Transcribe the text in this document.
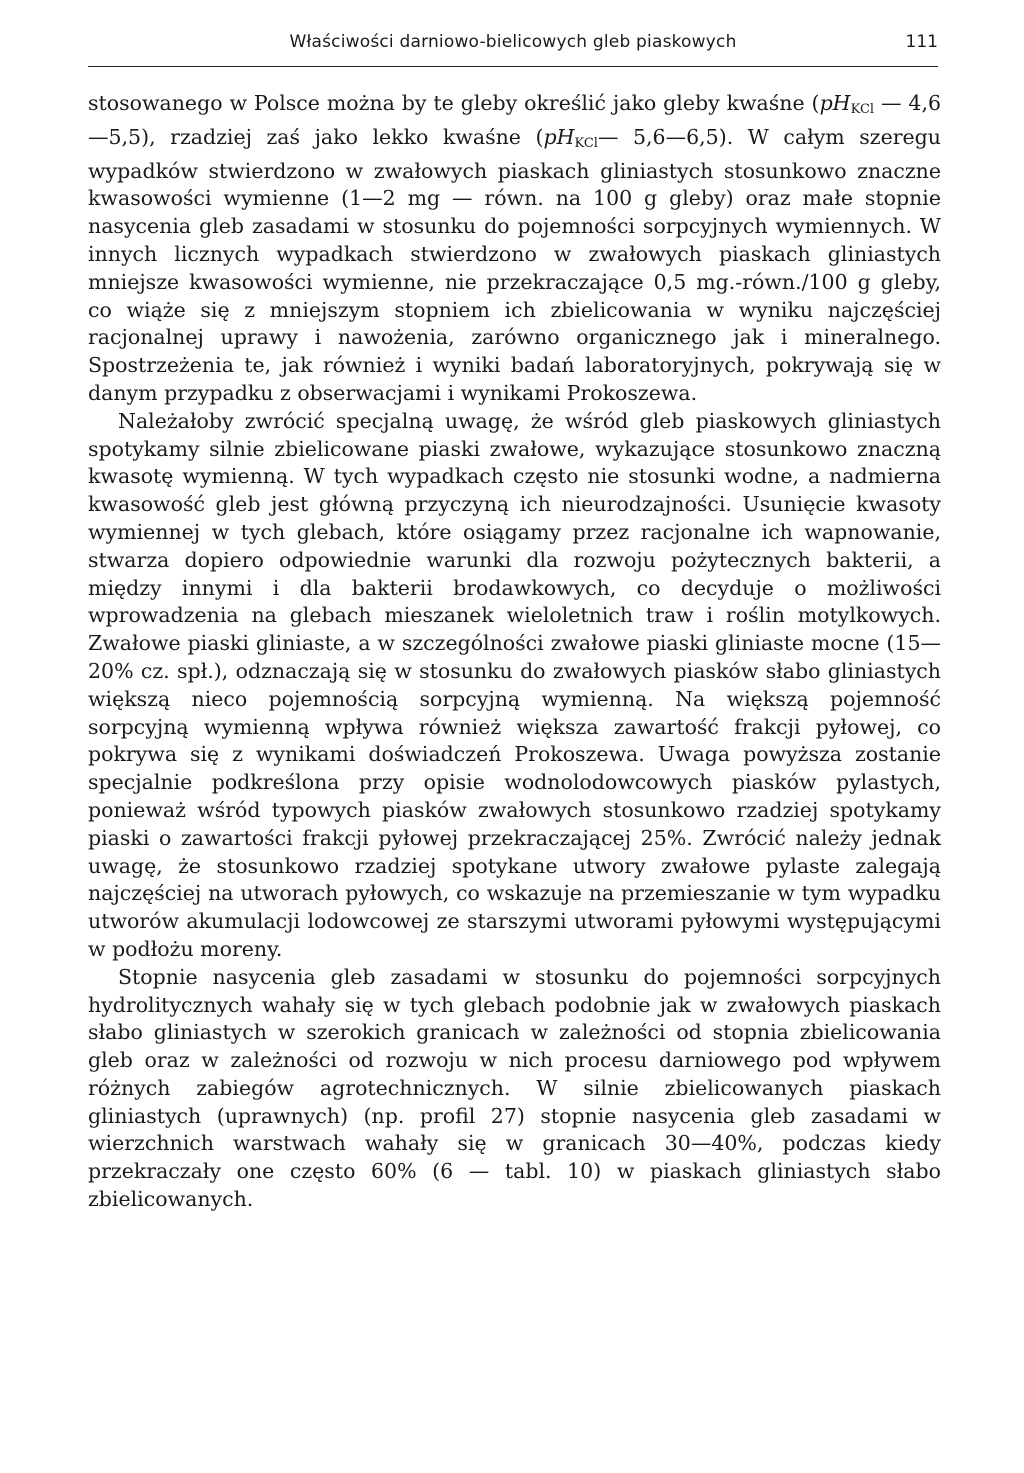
Właściwości darniowo-bielicowych gleb piaskowych	111

stosowanego w Polsce można by te gleby określić jako gleby kwaśne ($pH_{KCl}$ — 4,6—5,5), rzadziej zaś jako lekko kwaśne ($pH_{KCl}—$ 5,6—6,5). W całym szeregu wypadków stwierdzono w zwałowych piaskach gliniastych stosunkowo znaczne kwasowości wymienne (1—2 mg — równ. na 100 g gleby) oraz małe stopnie nasycenia gleb zasadami w stosunku do pojemności sorpcyjnych wymiennych. W innych licznych wypadkach stwierdzono w zwałowych piaskach gliniastych mniejsze kwasowości wymienne, nie przekraczające 0,5 mg.-równ./100 g gleby, co wiąże się z mniejszym stopniem ich zbielicowania w wyniku najczęściej racjonalnej uprawy i nawożenia, zarówno organicznego jak i mineralnego. Spostrzeżenia te, jak również i wyniki badań laboratoryjnych, pokrywają się w danym przypadku z obserwacjami i wynikami Prokoszewa.

Należałoby zwrócić specjalną uwagę, że wśród gleb piaskowych gliniastych spotykamy silnie zbielicowane piaski zwałowe, wykazujące stosunkowo znaczną kwasotę wymienną. W tych wypadkach często nie stosunki wodne, a nadmierna kwasowość gleb jest główną przyczyną ich nieurodzajności. Usunięcie kwasoty wymiennej w tych glebach, które osiągamy przez racjonalne ich wapnowanie, stwarza dopiero odpowiednie warunki dla rozwoju pożytecznych bakterii, a między innymi i dla bakterii brodawkowych, co decyduje o możliwości wprowadzenia na glebach mieszanek wieloletnich traw i roślin motylkowych. Zwałowe piaski gliniaste, a w szczególności zwałowe piaski gliniaste mocne (15—20% cz. spł.), odznaczają się w stosunku do zwałowych piasków słabo gliniastych większą nieco pojemnością sorpcyjną wymienną. Na większą pojemność sorpcyjną wymienną wpływa również większa zawartość frakcji pyłowej, co pokrywa się z wynikami doświadczeń Prokoszewa. Uwaga powyższa zostanie specjalnie podkreślona przy opisie wodnolodowcowych piasków pylastych, ponieważ wśród typowych piasków zwałowych stosunkowo rzadziej spotykamy piaski o zawartości frakcji pyłowej przekraczającej 25%. Zwrócić należy jednak uwagę, że stosunkowo rzadziej spotykane utwory zwałowe pylaste zalegają najczęściej na utworach pyłowych, co wskazuje na przemieszanie w tym wypadku utworów akumulacji lodowcowej ze starszymi utworami pyłowymi występującymi w podłożu moreny.

Stopnie nasycenia gleb zasadami w stosunku do pojemności sorpcyjnych hydrolitycznych wahały się w tych glebach podobnie jak w zwałowych piaskach słabo gliniastych w szerokich granicach w zależności od stopnia zbielicowania gleb oraz w zależności od rozwoju w nich procesu darniowego pod wpływem różnych zabiegów agrotechnicznych. W silnie zbielicowanych piaskach gliniastych (uprawnych) (np. profil 27) stopnie nasycenia gleb zasadami w wierzchnich warstwach wahały się w granicach 30—40%, podczas kiedy przekraczały one często 60% (6 — tabl. 10) w piaskach gliniastych słabo zbielicowanych.
